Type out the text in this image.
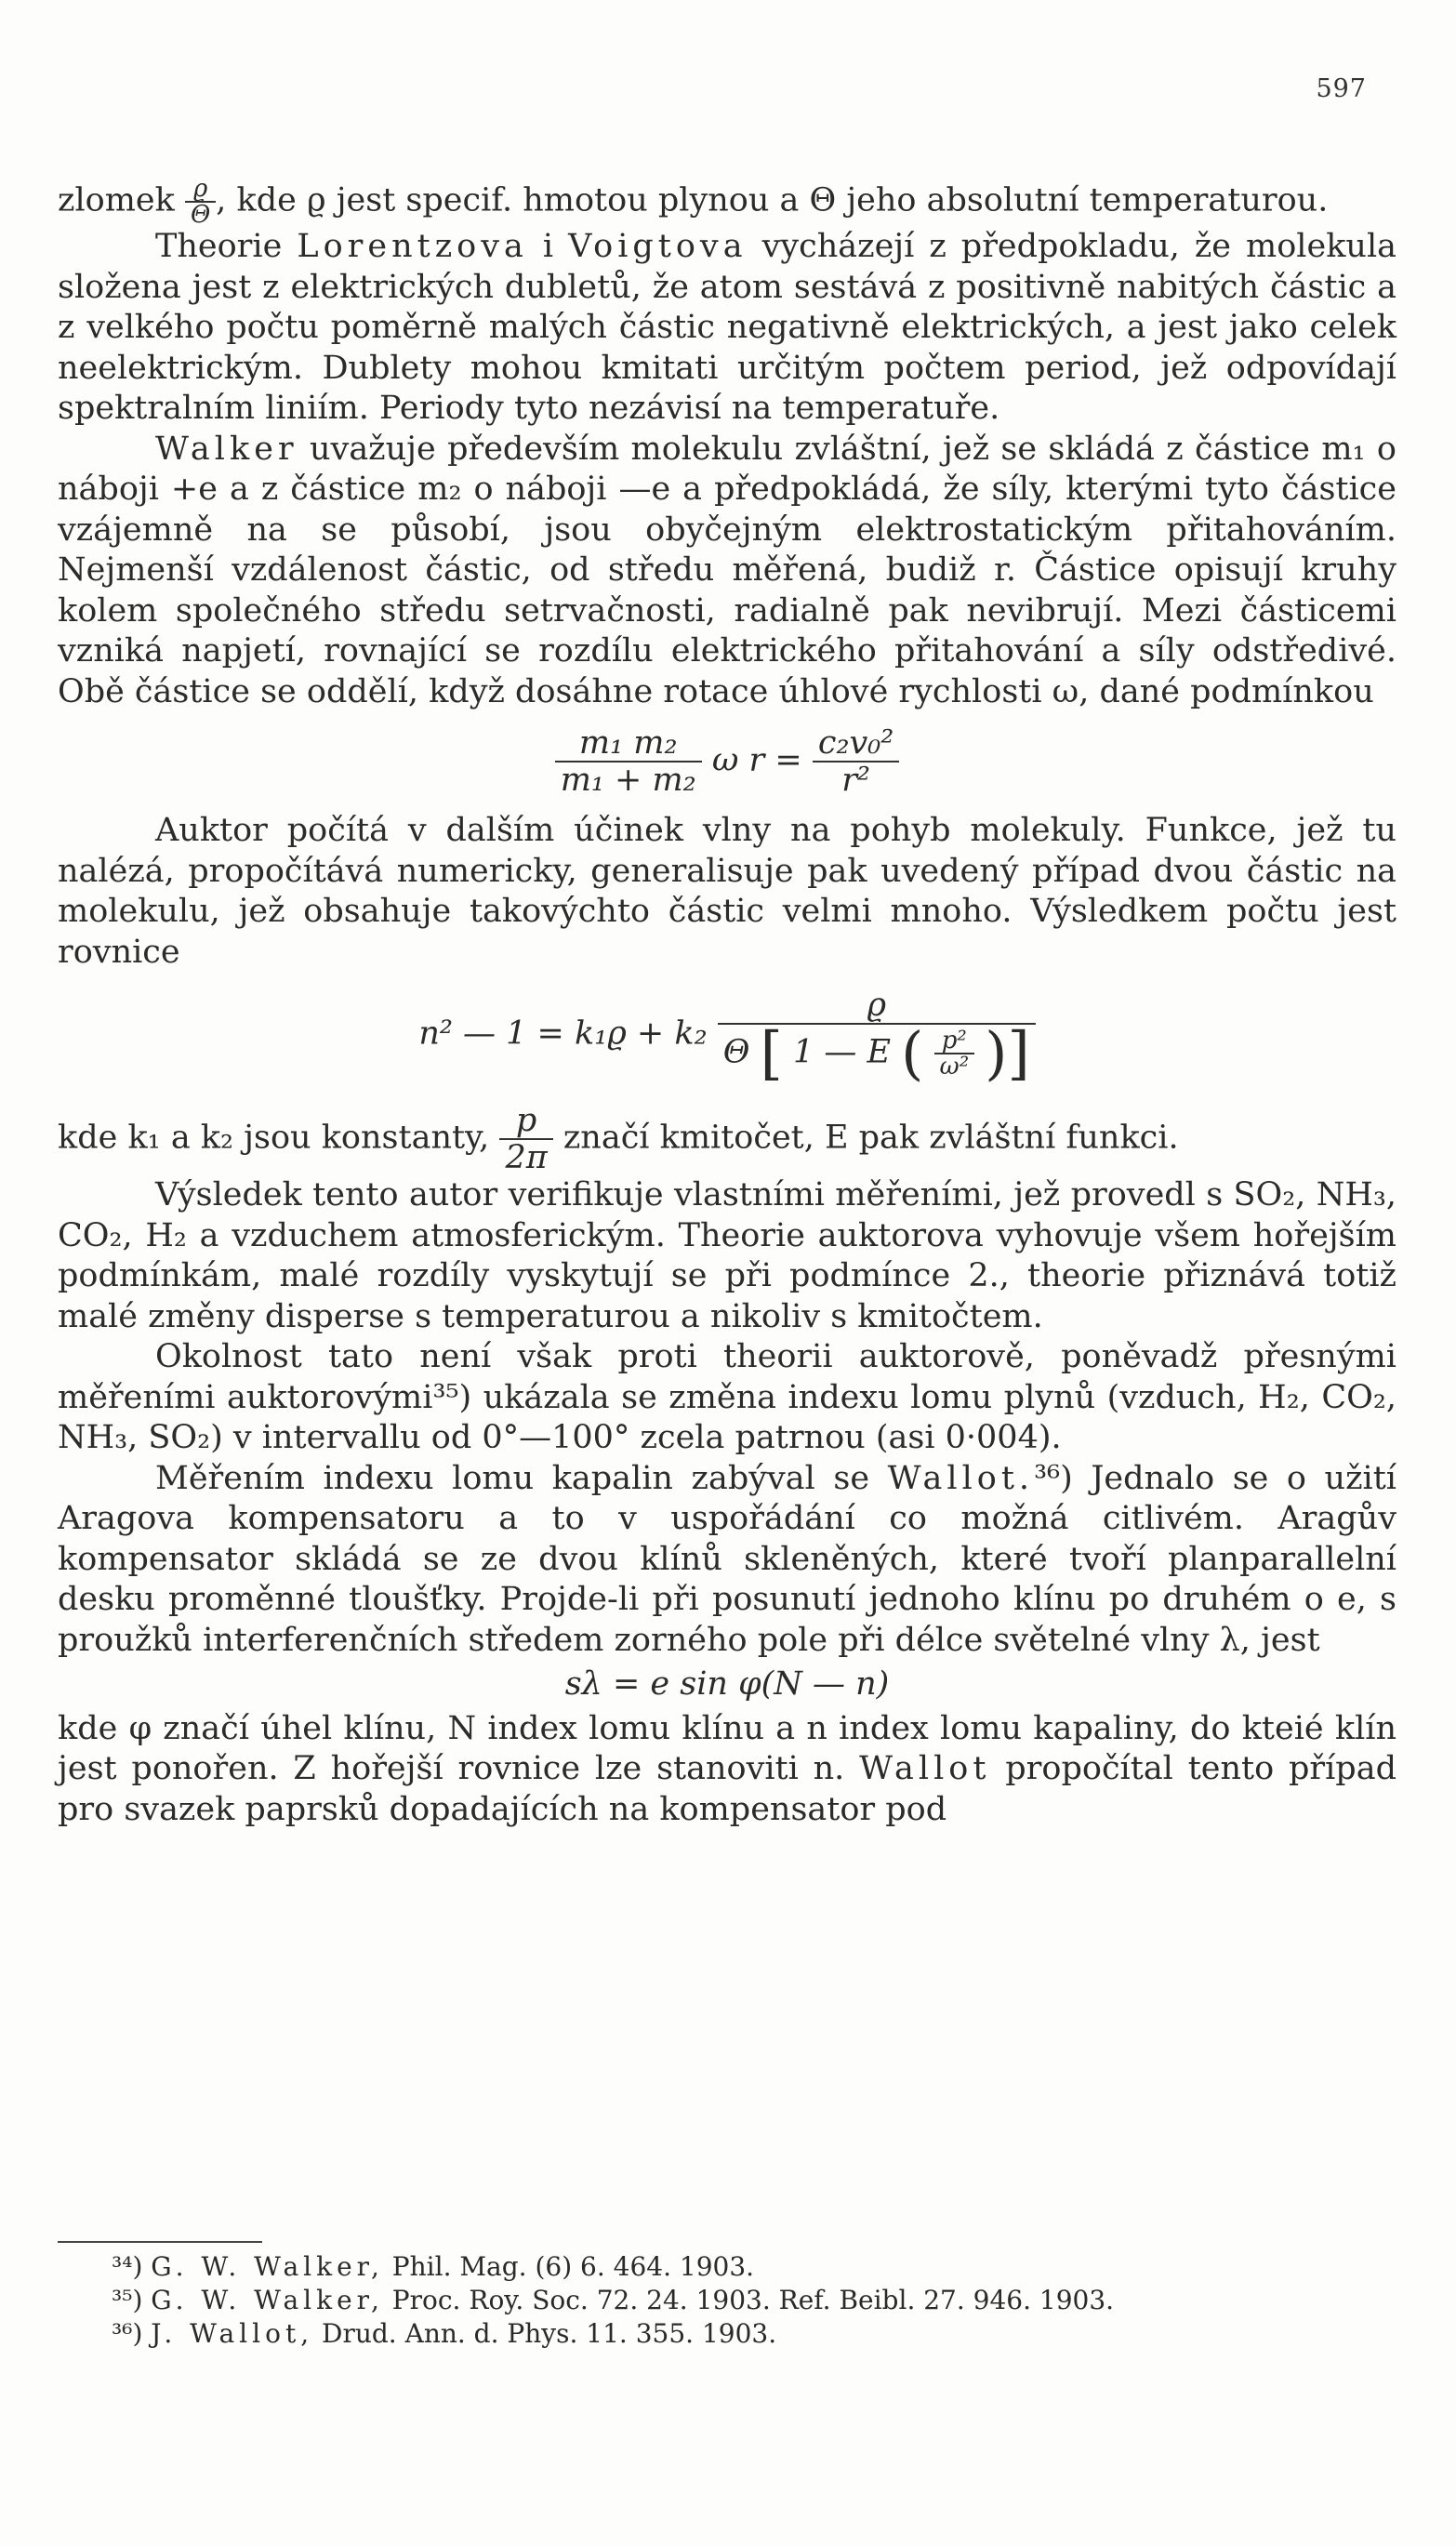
597

zlomek $\frac{ϱ}{\Theta}$ , kde ϱ jest specif. hmotou plynou a Θ jeho absolutní temperaturou.

Theorie Lorentzova i Voigtova vycházejí z předpokladu, že molekula složena jest z elektrických dubletů, že atom sestává z positivně nabitých částic a z velkého počtu poměrně malých částic negativně elektrických, a jest jako celek neelektrickým. Dublety mohou kmitati určitým počtem period, jež odpovídají spektralním liniím. Periody tyto nezávisí na temperatuře.

Walker uvažuje především molekulu zvláštní, jež se skládá z částice m₁ o náboji +e a z částice m₂ o náboji —e a předpokládá, že síly, kterými tyto částice vzájemně na se působí, jsou obyčejným elektrostatickým přitahováním. Nejmenší vzdálenost částic, od středu měřená, budiž r. Částice opisují kruhy kolem společného středu setrvačnosti, radialně pak nevibrují. Mezi částicemi vzniká napjetí, rovnající se rozdílu elektrického přitahování a síly odstředivé. Obě částice se oddělí, když dosáhne rotace úhlové rychlosti ω, dané podmínkou

$\frac{\text{m₁ m₂}}{\text{m₁ + m₂}}$ ω $r = \frac{\text{c₂v₀²}}{\text{r²}}$

Auktor počítá v dalším účinek vlny na pohyb molekuly. Funkce, jež tu nalézá, propočítává numericky, generalisuje pak uvedený případ dvou částic na molekulu, jež obsahuje takovýchto částic velmi mnoho. Výsledkem počtu jest rovnice

n² — 1 = k₁ϱ + k₂
ϱ
Θ [ 1 — E ( $\frac{\text{p²}}{\text{ω²}}$ )]

kde k₁ a k₂ jsou konstanty, $\frac{p}{2\pi}$ značí kmitočet, E pak zvláštní funkci.

Výsledek tento autor verifikuje vlastními měřeními, jež provedl s SO₂, NH₃, CO₂, H₂ a vzduchem atmosferickým. Theorie auktorova vyhovuje všem hořejším podmínkám, malé rozdíly vyskytují se při podmínce 2., theorie přiznává totiž malé změny disperse s temperaturou a nikoliv s kmitočtem.

Okolnost tato není však proti theorii auktorově, poněvadž přesnými měřeními auktorovými³⁵) ukázala se změna indexu lomu plynů (vzduch, H₂, CO₂, NH₃, SO₂) v intervallu od 0°—100° zcela patrnou (asi 0·004).

Měřením indexu lomu kapalin zabýval se Wallot.³⁶) Jednalo se o užití Aragova kompensatoru a to v uspořádání co možná citlivém. Aragův kompensator skládá se ze dvou klínů skleněných, které tvoří planparallelní desku proměnné tloušťky. Projde-li při posunutí jednoho klínu po druhém o e, s proužků interferenčních středem zorného pole při délce světelné vlny λ, jest

sλ = e sin φ(N — n)

kde φ značí úhel klínu, N index lomu klínu a n index lomu kapaliny, do kteié klín jest ponořen. Z hořejší rovnice lze stanoviti n. Wallot propočítal tento případ pro svazek paprsků dopadajících na kompensator pod

³⁴) G. W. Walker, Phil. Mag. (6) 6. 464. 1903.

³⁵) G. W. Walker, Proc. Roy. Soc. 72. 24. 1903. Ref. Beibl. 27. 946. 1903.

³⁶) J. Wallot, Drud. Ann. d. Phys. 11. 355. 1903.
